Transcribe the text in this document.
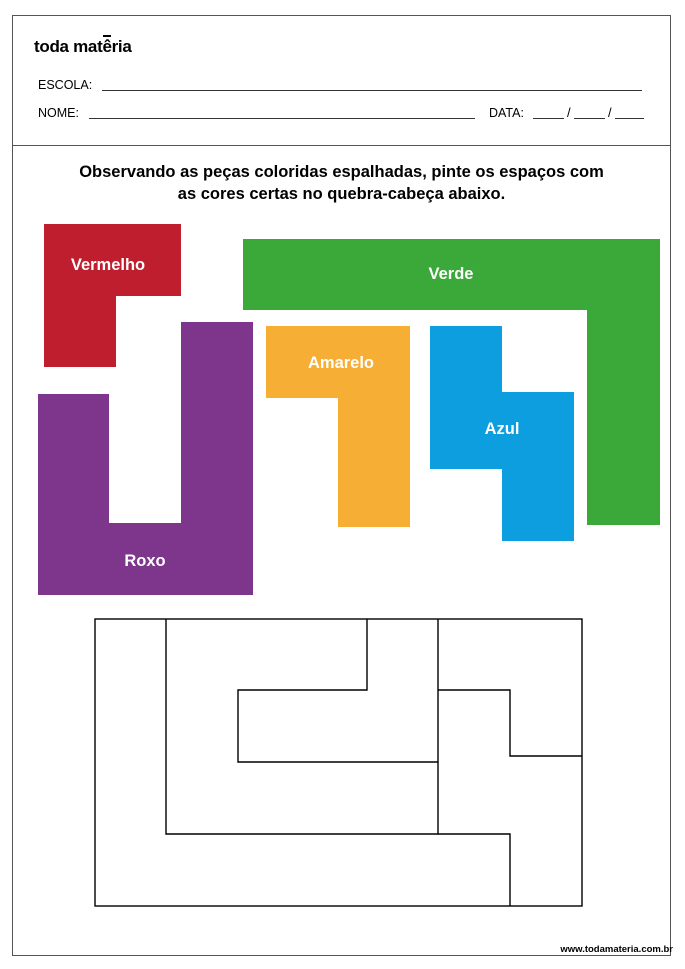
toda matêria
ESCOLA:
NOME:	DATA:	/	/
Observando as peças coloridas espalhadas, pinte os espaços com
as cores certas no quebra-cabeça abaixo.
Vermelho	Verde
Amarelo
Azul
Roxo
www.todamateria.com.br
